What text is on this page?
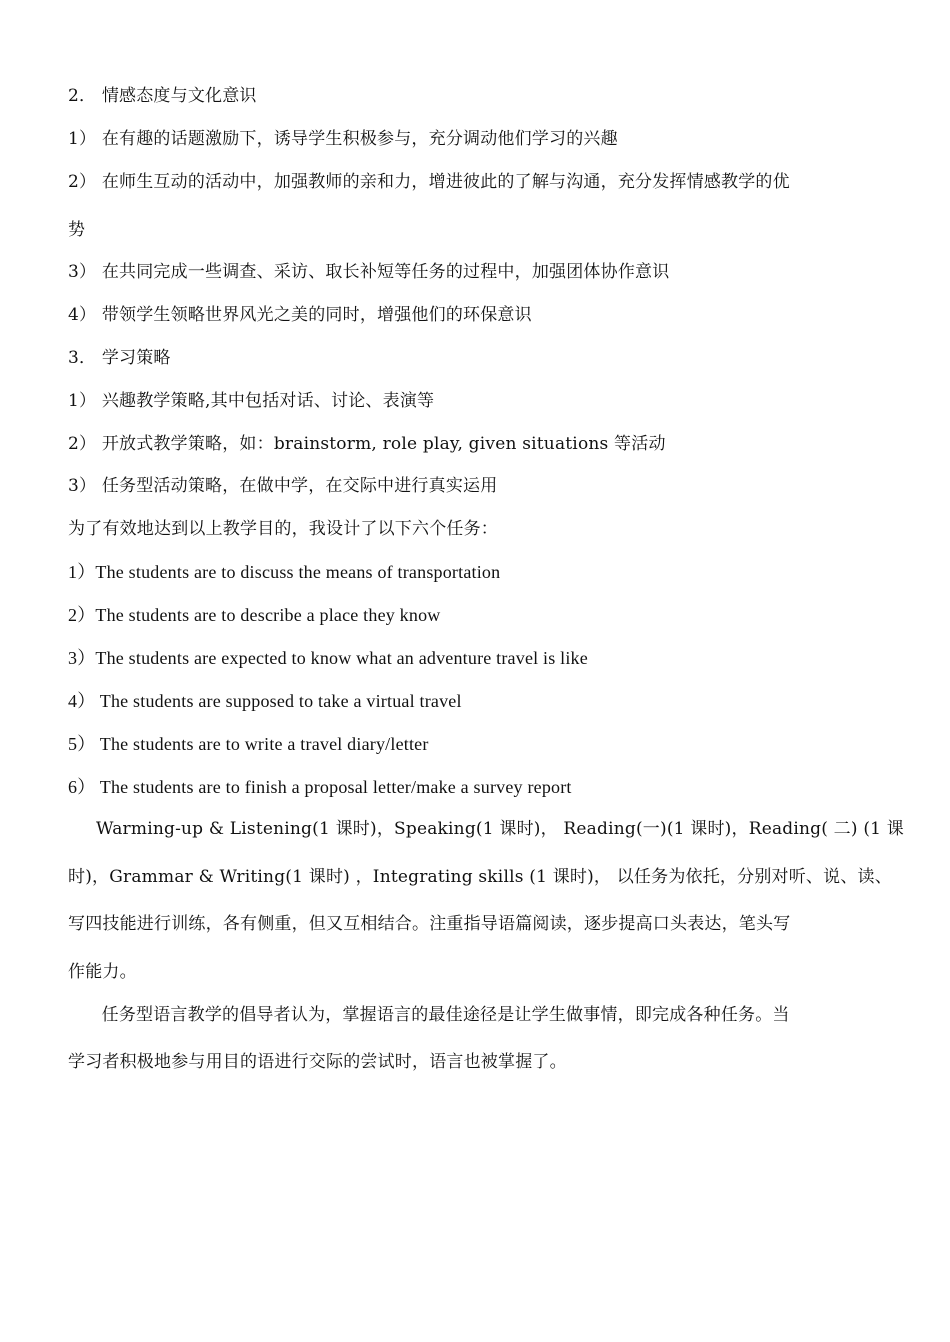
2． 情感态度与文化意识
1） 在有趣的话题激励下，诱导学生积极参与，充分调动他们学习的兴趣
2） 在师生互动的活动中，加强教师的亲和力，增进彼此的了解与沟通，充分发挥情感教学的优
势
3） 在共同完成一些调查、采访、取长补短等任务的过程中，加强团体协作意识
4） 带领学生领略世界风光之美的同时，增强他们的环保意识
3． 学习策略
1） 兴趣教学策略,其中包括对话、讨论、表演等
2） 开放式教学策略，如：brainstorm, role play, given situations 等活动
3） 任务型活动策略，在做中学，在交际中进行真实运用
为了有效地达到以上教学目的，我设计了以下六个任务：
1）The students are to discuss the means of transportation
2）The students are to describe a place they know
3）The students are expected to know what an adventure travel is like
4） The students are supposed to take a virtual travel
5） The students are to write a travel diary/letter
6） The students are to finish a proposal letter/make a survey report
Warming-up & Listening(1 课时)，Speaking(1 课时)， Reading(一)(1 课时)，Reading( 二) (1 课
时)，Grammar & Writing(1 课时) ，Integrating skills (1 课时)， 以任务为依托，分别对听、说、读、
写四技能进行训练，各有侧重，但又互相结合。注重指导语篇阅读，逐步提高口头表达，笔头写
作能力。
任务型语言教学的倡导者认为，掌握语言的最佳途径是让学生做事情，即完成各种任务。当
学习者积极地参与用目的语进行交际的尝试时，语言也被掌握了。
